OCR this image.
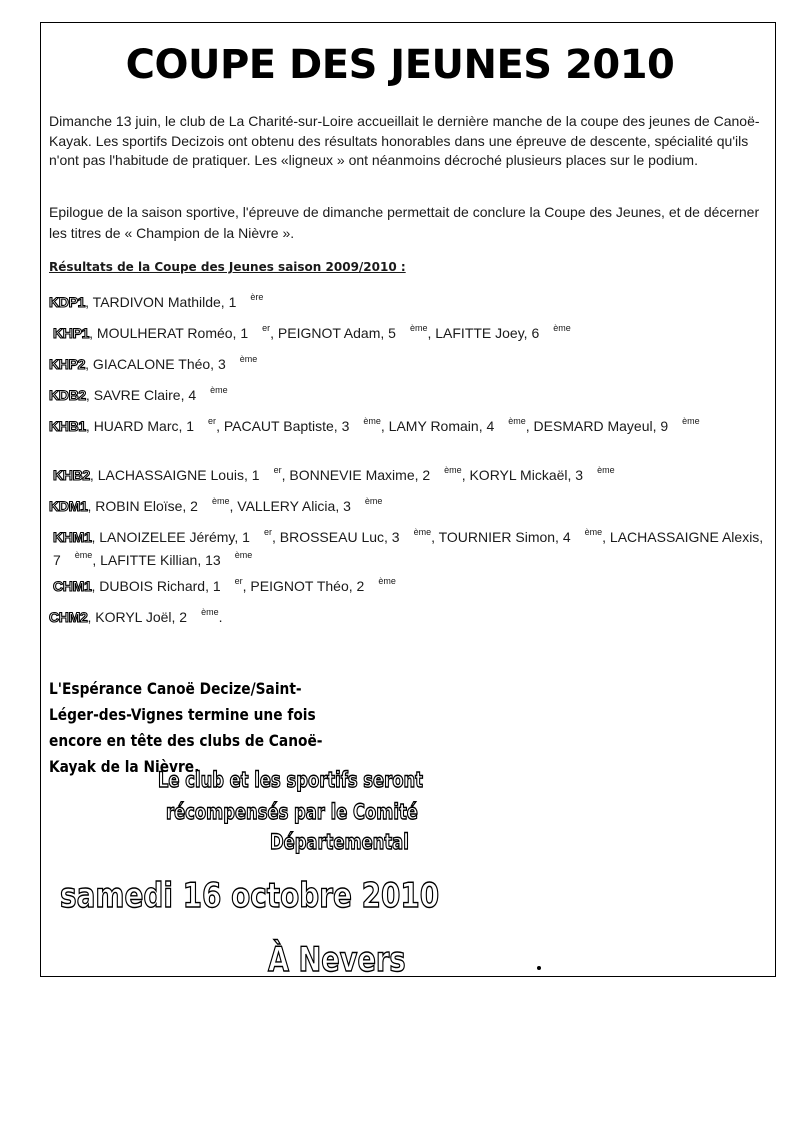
COUPE DES JEUNES 2010

Dimanche 13 juin, le club de La Charité-sur-Loire accueillait le dernière manche de la coupe des jeunes de Canoë-Kayak. Les sportifs Decizois ont obtenu des résultats honorables dans une épreuve de descente, spécialité qu'ils n'ont pas l'habitude de pratiquer. Les «ligneux » ont néanmoins décroché plusieurs places sur le podium.

Epilogue de la saison sportive, l'épreuve de dimanche permettait de conclure la Coupe des Jeunes, et de décerner les titres de « Champion de la Nièvre ».

Résultats de la Coupe des Jeunes saison 2009/2010 :

KDP1, TARDIVON Mathilde, 1 $^{ère}$

KHP1, MOULHERAT Roméo, 1 $^{er}$, PEIGNOT Adam, 5 $^{ème}$, LAFITTE Joey, 6 $^{ème}$

KHP2, GIACALONE Théo, 3 $^{ème}$

KDB2, SAVRE Claire, 4 $^{ème}$

KHB1, HUARD Marc, 1 $^{er}$, PACAUT Baptiste, 3 $^{ème}$, LAMY Romain, 4 $^{ème}$, DESMARD Mayeul, 9 $^{ème}$

KHB2, LACHASSAIGNE Louis, 1 $^{er}$, BONNEVIE Maxime, 2 $^{ème}$, KORYL Mickaël, 3 $^{ème}$

KDM1, ROBIN Eloïse, 2 $^{ème}$, VALLERY Alicia, 3 $^{ème}$

KHM1, LANOIZELEE Jérémy, 1 $^{er}$, BROSSEAU Luc, 3 $^{ème}$, TOURNIER Simon, 4 $^{ème}$, LACHASSAIGNE Alexis, 7 $^{ème}$, LAFITTE Killian, 13 $^{ème}$

CHM1, DUBOIS Richard, 1 $^{er}$, PEIGNOT Théo, 2 $^{ème}$

CHM2, KORYL Joël, 2 $^{ème}$.

L'Espérance Canoë Decize/Saint-Léger-des-Vignes termine une fois encore en tête des clubs de Canoë-Kayak de la Nièvre.

Le club et les sportifs seront

récompensés par le Comité

Départemental

samedi 16 octobre 2010

À Nevers
